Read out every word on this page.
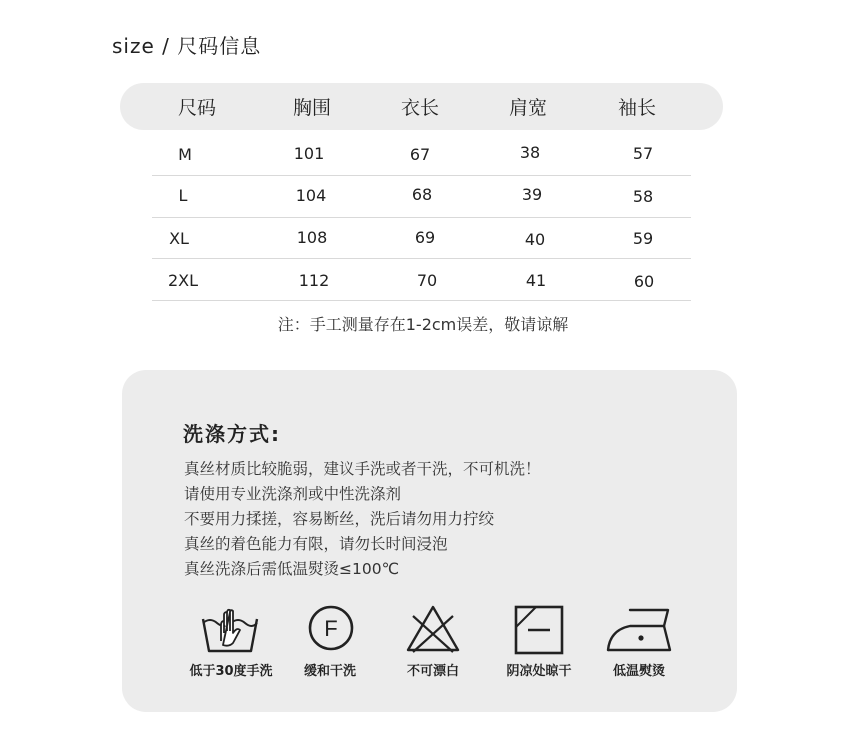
size / 尺码信息
尺码	胸围	衣长	肩宽	袖长
M	101	67	38	57
L	104	68	39	58
XL	108	69	40	59
2XL	112	70	41	60
注：手工测量存在1-2cm误差，敬请谅解
洗涤方式:
真丝材质比较脆弱，建议手洗或者干洗，不可机洗！
请使用专业洗涤剂或中性洗涤剂
不要用力揉搓，容易断丝，洗后请勿用力拧绞
真丝的着色能力有限，请勿长时间浸泡
真丝洗涤后需低温熨烫≤100℃
低于30度手洗
F
缓和干洗	不可漂白	阴凉处晾干	低温熨烫
